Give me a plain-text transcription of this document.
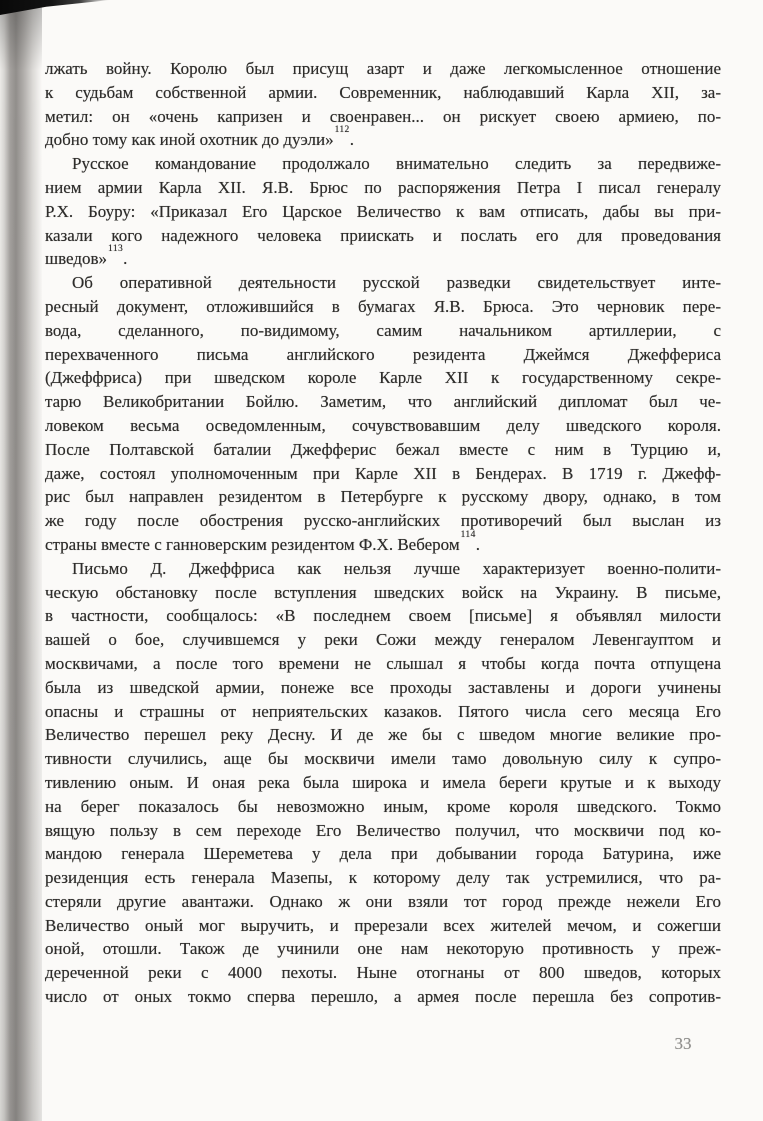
лжать войну. Королю был присущ азарт и даже легкомысленное отношение
к судьбам собственной армии. Современник, наблюдавший Карла XII, за-
метил: он «очень капризен и своенравен... он рискует своею армиею, по-
добно тому как иной охотник до дуэли»$^{112}$.
Русское командование продолжало внимательно следить за передвиже-
нием армии Карла XII. Я.В. Брюс по распоряжения Петра I писал генералу
Р.Х. Боуру: «Приказал Его Царское Величество к вам отписать, дабы вы при-
казали кого надежного человека приискать и послать его для проведования
шведов»$^{113}$.
Об оперативной деятельности русской разведки свидетельствует инте-
ресный документ, отложившийся в бумагах Я.В. Брюса. Это черновик пере-
вода, сделанного, по-видимому, самим начальником артиллерии, с
перехваченного письма английского резидента Джеймся Джеффериса
(Джеффриса) при шведском короле Карле XII к государственному секре-
тарю Великобритании Бойлю. Заметим, что английский дипломат был че-
ловеком весьма осведомленным, сочувствовавшим делу шведского короля.
После Полтавской баталии Джефферис бежал вместе с ним в Турцию и,
даже, состоял уполномоченным при Карле XII в Бендерах. В 1719 г. Джефф-
рис был направлен резидентом в Петербурге к русскому двору, однако, в том
же году после обострения русско-английских противоречий был выслан из
страны вместе с ганноверским резидентом Ф.Х. Вебером$^{114}$.
Письмо Д. Джеффриса как нельзя лучше характеризует военно-полити-
ческую обстановку после вступления шведских войск на Украину. В письме,
в частности, сообщалось: «В последнем своем [письме] я объявлял милости
вашей о бое, случившемся у реки Сожи между генералом Левенгауптом и
москвичами, а после того времени не слышал я чтобы когда почта отпущена
была из шведской армии, понеже все проходы заставлены и дороги учинены
опасны и страшны от неприятельских казаков. Пятого числа сего месяца Его
Величество перешел реку Десну. И де же бы с шведом многие великие про-
тивности случились, аще бы москвичи имели тамо довольную силу к супро-
тивлению оным. И оная река была широка и имела береги крутые и к выходу
на берег показалось бы невозможно иным, кроме короля шведского. Токмо
вящую пользу в сем переходе Его Величество получил, что москвичи под ко-
мандою генерала Шереметева у дела при добывании города Батурина, иже
резиденция есть генерала Мазепы, к которому делу так устремилися, что ра-
стеряли другие авантажи. Однако ж они взяли тот город прежде нежели Его
Величество оный мог выручить, и пререзали всех жителей мечом, и сожегши
оной, отошли. Також де учинили оне нам некоторую противность у преж-
дереченной реки с 4000 пехоты. Ныне отогнаны от 800 шведов, которых
число от оных токмо сперва перешло, а армея после перешла без сопротив-
33
